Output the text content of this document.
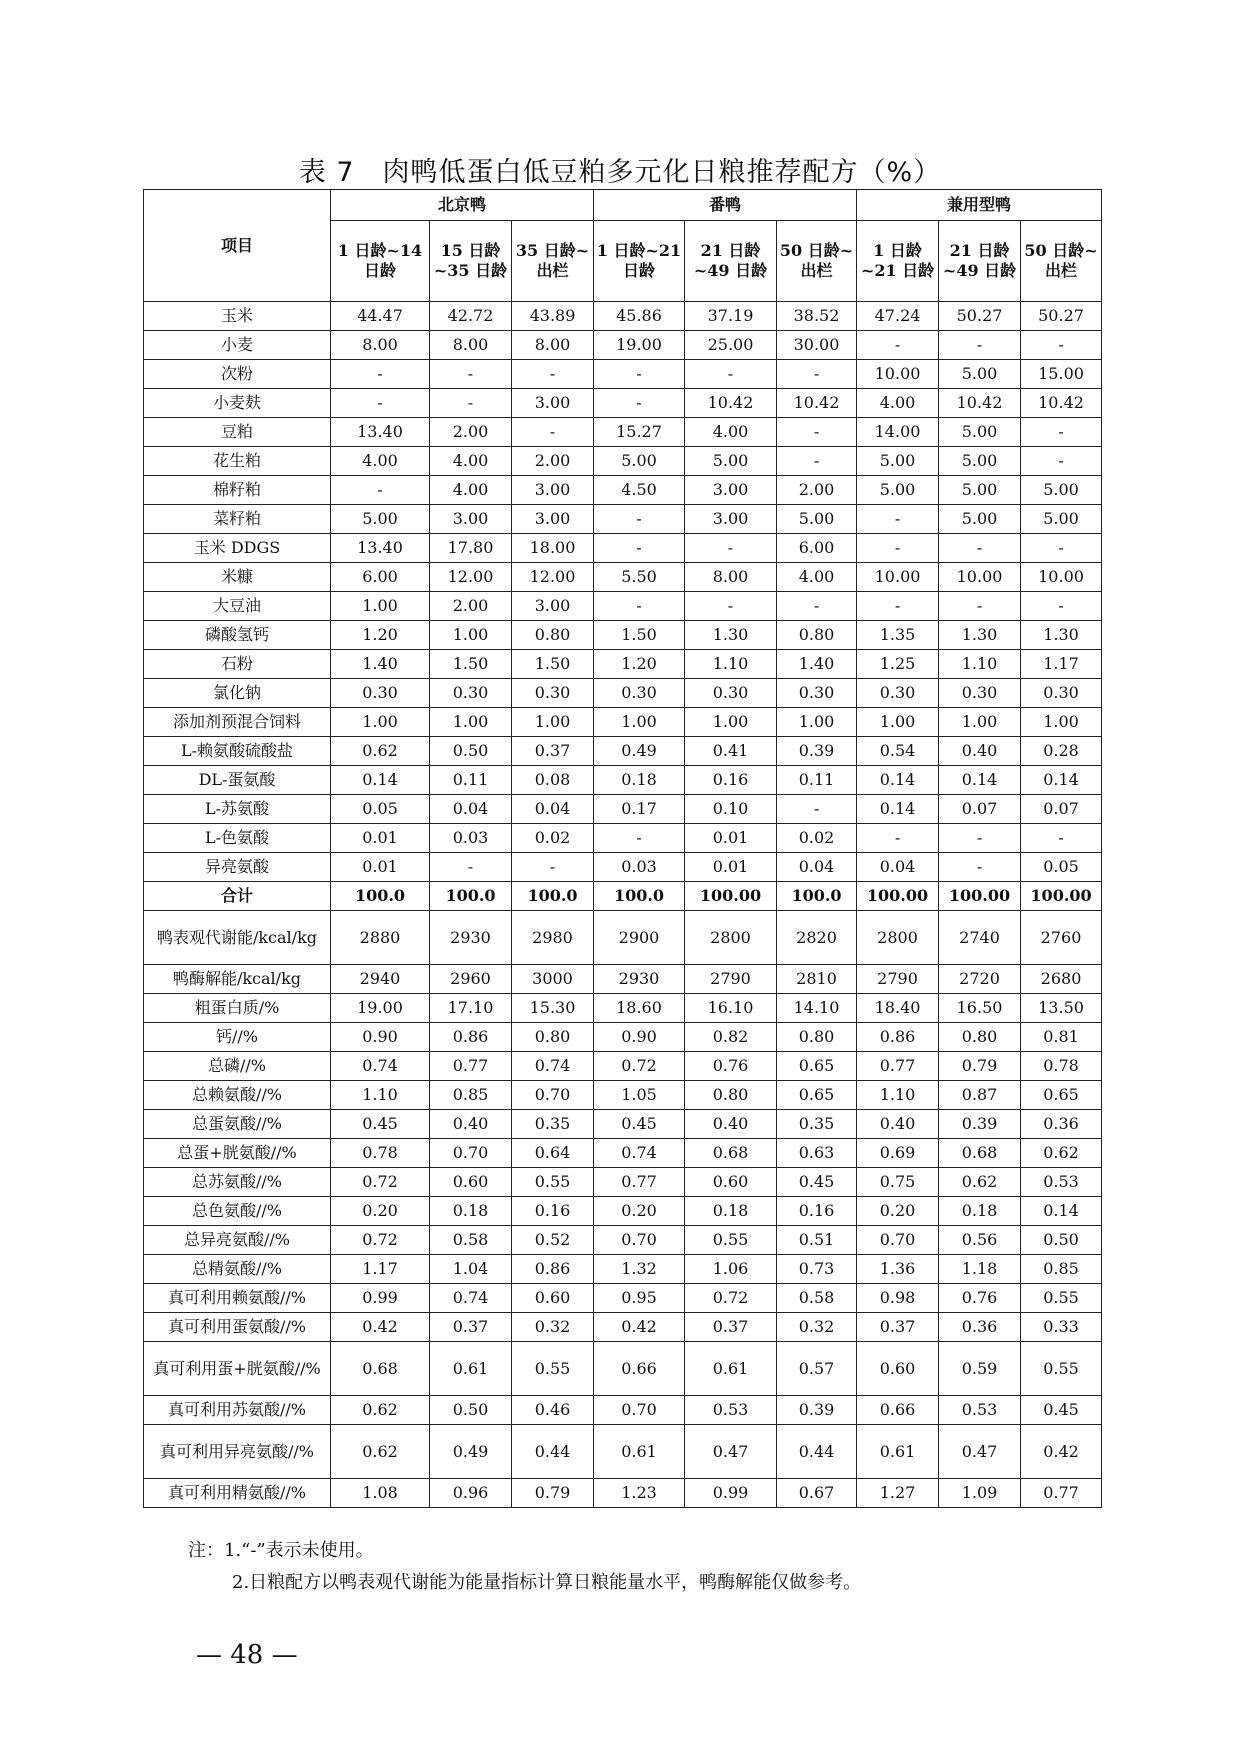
表 7　肉鸭低蛋白低豆粕多元化日粮推荐配方（%）
项目	北京鸭			番鸭			兼用型鸭		
	1 日龄~14 日龄	15 日龄~35 日龄	35 日龄~出栏	1 日龄~21 日龄	21 日龄~49 日龄	50 日龄~出栏	1 日龄~21 日龄	21 日龄~49 日龄	50 日龄~出栏
玉米	44.47	42.72	43.89	45.86	37.19	38.52	47.24	50.27	50.27
小麦	8.00	8.00	8.00	19.00	25.00	30.00	-	-	-
次粉	-	-	-	-	-	-	10.00	5.00	15.00
小麦麸	-	-	3.00	-	10.42	10.42	4.00	10.42	10.42
豆粕	13.40	2.00	-	15.27	4.00	-	14.00	5.00	-
花生粕	4.00	4.00	2.00	5.00	5.00	-	5.00	5.00	-
棉籽粕	-	4.00	3.00	4.50	3.00	2.00	5.00	5.00	5.00
菜籽粕	5.00	3.00	3.00	-	3.00	5.00	-	5.00	5.00
玉米 DDGS	13.40	17.80	18.00	-	-	6.00	-	-	-
米糠	6.00	12.00	12.00	5.50	8.00	4.00	10.00	10.00	10.00
大豆油	1.00	2.00	3.00	-	-	-	-	-	-
磷酸氢钙	1.20	1.00	0.80	1.50	1.30	0.80	1.35	1.30	1.30
石粉	1.40	1.50	1.50	1.20	1.10	1.40	1.25	1.10	1.17
氯化钠	0.30	0.30	0.30	0.30	0.30	0.30	0.30	0.30	0.30
添加剂预混合饲料	1.00	1.00	1.00	1.00	1.00	1.00	1.00	1.00	1.00
L-赖氨酸硫酸盐	0.62	0.50	0.37	0.49	0.41	0.39	0.54	0.40	0.28
DL-蛋氨酸	0.14	0.11	0.08	0.18	0.16	0.11	0.14	0.14	0.14
L-苏氨酸	0.05	0.04	0.04	0.17	0.10	-	0.14	0.07	0.07
L-色氨酸	0.01	0.03	0.02	-	0.01	0.02	-	-	-
异亮氨酸	0.01	-	-	0.03	0.01	0.04	0.04	-	0.05
合计	100.0	100.0	100.0	100.0	100.00	100.0	100.00	100.00	100.00
鸭表观代谢能/kcal/kg	2880	2930	2980	2900	2800	2820	2800	2740	2760
鸭酶解能/kcal/kg	2940	2960	3000	2930	2790	2810	2790	2720	2680
粗蛋白质/%	19.00	17.10	15.30	18.60	16.10	14.10	18.40	16.50	13.50
钙//%	0.90	0.86	0.80	0.90	0.82	0.80	0.86	0.80	0.81
总磷//%	0.74	0.77	0.74	0.72	0.76	0.65	0.77	0.79	0.78
总赖氨酸//%	1.10	0.85	0.70	1.05	0.80	0.65	1.10	0.87	0.65
总蛋氨酸//%	0.45	0.40	0.35	0.45	0.40	0.35	0.40	0.39	0.36
总蛋+胱氨酸//%	0.78	0.70	0.64	0.74	0.68	0.63	0.69	0.68	0.62
总苏氨酸//%	0.72	0.60	0.55	0.77	0.60	0.45	0.75	0.62	0.53
总色氨酸//%	0.20	0.18	0.16	0.20	0.18	0.16	0.20	0.18	0.14
总异亮氨酸//%	0.72	0.58	0.52	0.70	0.55	0.51	0.70	0.56	0.50
总精氨酸//%	1.17	1.04	0.86	1.32	1.06	0.73	1.36	1.18	0.85
真可利用赖氨酸//%	0.99	0.74	0.60	0.95	0.72	0.58	0.98	0.76	0.55
真可利用蛋氨酸//%	0.42	0.37	0.32	0.42	0.37	0.32	0.37	0.36	0.33
真可利用蛋+胱氨酸//%	0.68	0.61	0.55	0.66	0.61	0.57	0.60	0.59	0.55
真可利用苏氨酸//%	0.62	0.50	0.46	0.70	0.53	0.39	0.66	0.53	0.45
真可利用异亮氨酸//%	0.62	0.49	0.44	0.61	0.47	0.44	0.61	0.47	0.42
真可利用精氨酸//%	1.08	0.96	0.79	1.23	0.99	0.67	1.27	1.09	0.77
注：1.“-”表示未使用。
2.日粮配方以鸭表观代谢能为能量指标计算日粮能量水平，鸭酶解能仅做参考。
— 48 —
